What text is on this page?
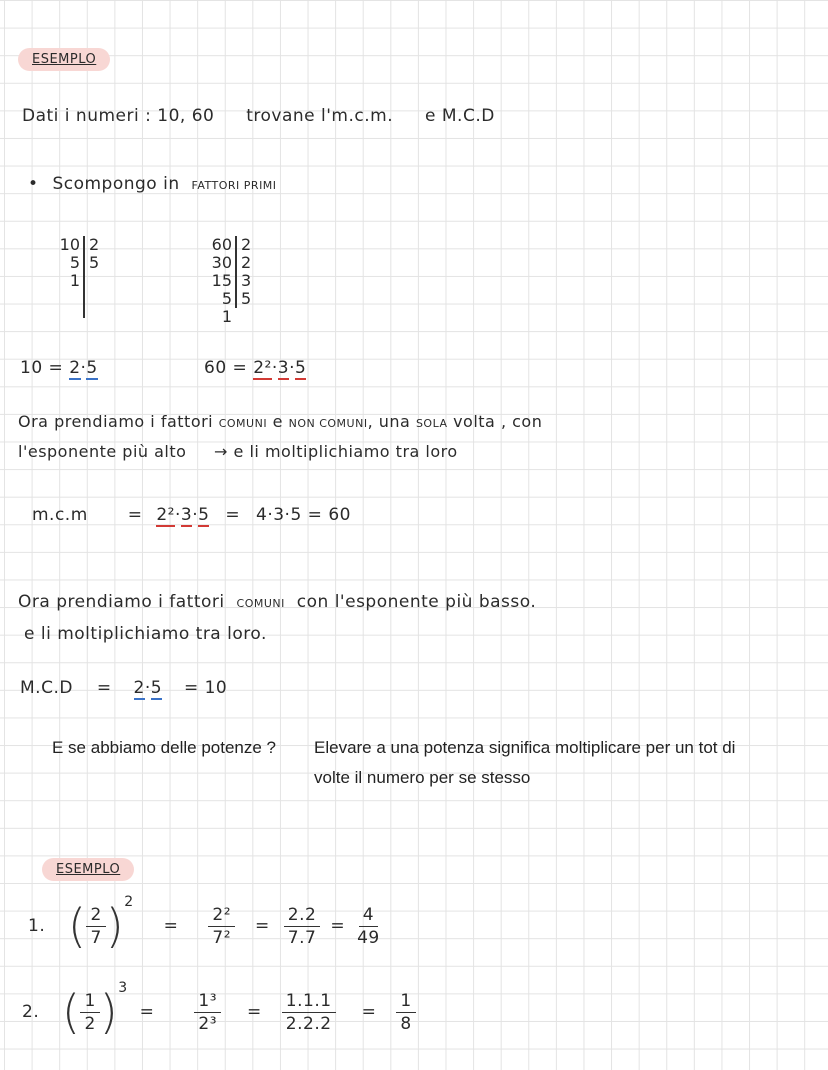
ESEMPLO
Dati i numeri : 10, 60 trovane l'm.c.m. e M.C.D
• Scompongo in FATTORI PRIMI
10
5
1
2
5
60
30
15
5
1
2
2
3
5
10 = 2·5	60 = 2²·3·5
Ora prendiamo i fattori COMUNI e NON COMUNI, una SOLA volta , con
l'esponente più alto → e li moltiplichiamo tra loro
m.c.m = 2²·3·5 = 4·3·5 = 60
Ora prendiamo i fattori COMUNI con l'esponente più basso.
e li moltiplichiamo tra loro.
M.C.D = 2·5 = 10
E se abbiamo delle potenze ? Elevare a una potenza significa moltiplicare per un tot di
volte il numero per se stesso
ESEMPLO
1. ( $\frac{2}{7}$ ) 2
= $\frac{\text{2²}}{\text{7²}} = \frac{2.2}{7.7} = \frac{4}{49}$
2. ( $\frac{1}{2}$ ) 3
= $\frac{\text{1³}}{\text{2³}} = \frac{1.1.1}{2.2.2} = \frac{1}{8}$
